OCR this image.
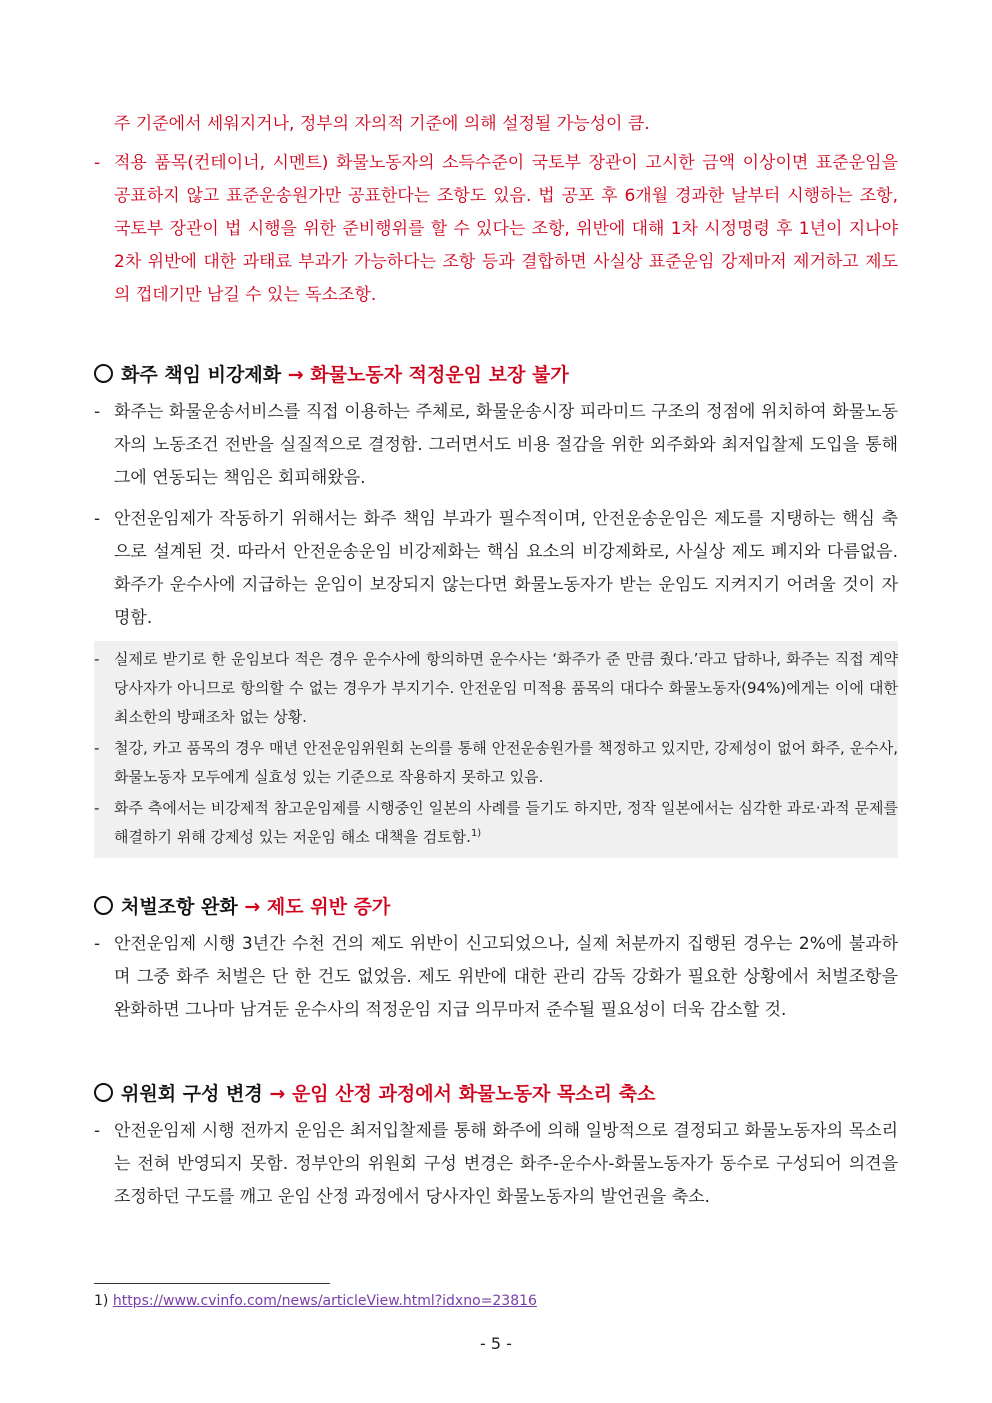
주 기준에서 세워지거나, 정부의 자의적 기준에 의해 설정될 가능성이 큼.

- 적용 품목(컨테이너, 시멘트) 화물노동자의 소득수준이 국토부 장관이 고시한 금액 이상이면 표준운임을 공표하지 않고 표준운송원가만 공표한다는 조항도 있음. 법 공포 후 6개월 경과한 날부터 시행하는 조항, 국토부 장관이 법 시행을 위한 준비행위를 할 수 있다는 조항, 위반에 대해 1차 시정명령 후 1년이 지나야 2차 위반에 대한 과태료 부과가 가능하다는 조항 등과 결합하면 사실상 표준운임 강제마저 제거하고 제도의 껍데기만 남길 수 있는 독소조항.
화주 책임 비강제화 → 화물노동자 적정운임 보장 불가
- 화주는 화물운송서비스를 직접 이용하는 주체로, 화물운송시장 피라미드 구조의 정점에 위치하여 화물노동자의 노동조건 전반을 실질적으로 결정함. 그러면서도 비용 절감을 위한 외주화와 최저입찰제 도입을 통해 그에 연동되는 책임은 회피해왔음.
- 안전운임제가 작동하기 위해서는 화주 책임 부과가 필수적이며, 안전운송운임은 제도를 지탱하는 핵심 축으로 설계된 것. 따라서 안전운송운임 비강제화는 핵심 요소의 비강제화로, 사실상 제도 폐지와 다름없음. 화주가 운수사에 지급하는 운임이 보장되지 않는다면 화물노동자가 받는 운임도 지켜지기 어려울 것이 자명함.
- 실제로 받기로 한 운임보다 적은 경우 운수사에 항의하면 운수사는 ‘화주가 준 만큼 줬다.’라고 답하나, 화주는 직접 계약 당사자가 아니므로 항의할 수 없는 경우가 부지기수. 안전운임 미적용 품목의 대다수 화물노동자(94%)에게는 이에 대한 최소한의 방패조차 없는 상황.
- 철강, 카고 품목의 경우 매년 안전운임위원회 논의를 통해 안전운송원가를 책정하고 있지만, 강제성이 없어 화주, 운수사, 화물노동자 모두에게 실효성 있는 기준으로 작용하지 못하고 있음.
- 화주 측에서는 비강제적 참고운임제를 시행중인 일본의 사례를 들기도 하지만, 정작 일본에서는 심각한 과로·과적 문제를 해결하기 위해 강제성 있는 저운임 해소 대책을 검토함.$^{1)}$
처벌조항 완화 → 제도 위반 증가
- 안전운임제 시행 3년간 수천 건의 제도 위반이 신고되었으나, 실제 처분까지 집행된 경우는 2%에 불과하며 그중 화주 처벌은 단 한 건도 없었음. 제도 위반에 대한 관리 감독 강화가 필요한 상황에서 처벌조항을 완화하면 그나마 남겨둔 운수사의 적정운임 지급 의무마저 준수될 필요성이 더욱 감소할 것.
위원회 구성 변경 → 운임 산정 과정에서 화물노동자 목소리 축소
- 안전운임제 시행 전까지 운임은 최저입찰제를 통해 화주에 의해 일방적으로 결정되고 화물노동자의 목소리는 전혀 반영되지 못함. 정부안의 위원회 구성 변경은 화주-운수사-화물노동자가 동수로 구성되어 의견을 조정하던 구도를 깨고 운임 산정 과정에서 당사자인 화물노동자의 발언권을 축소.
1) https://www.cvinfo.com/news/articleView.html?idxno=23816
- 5 -
